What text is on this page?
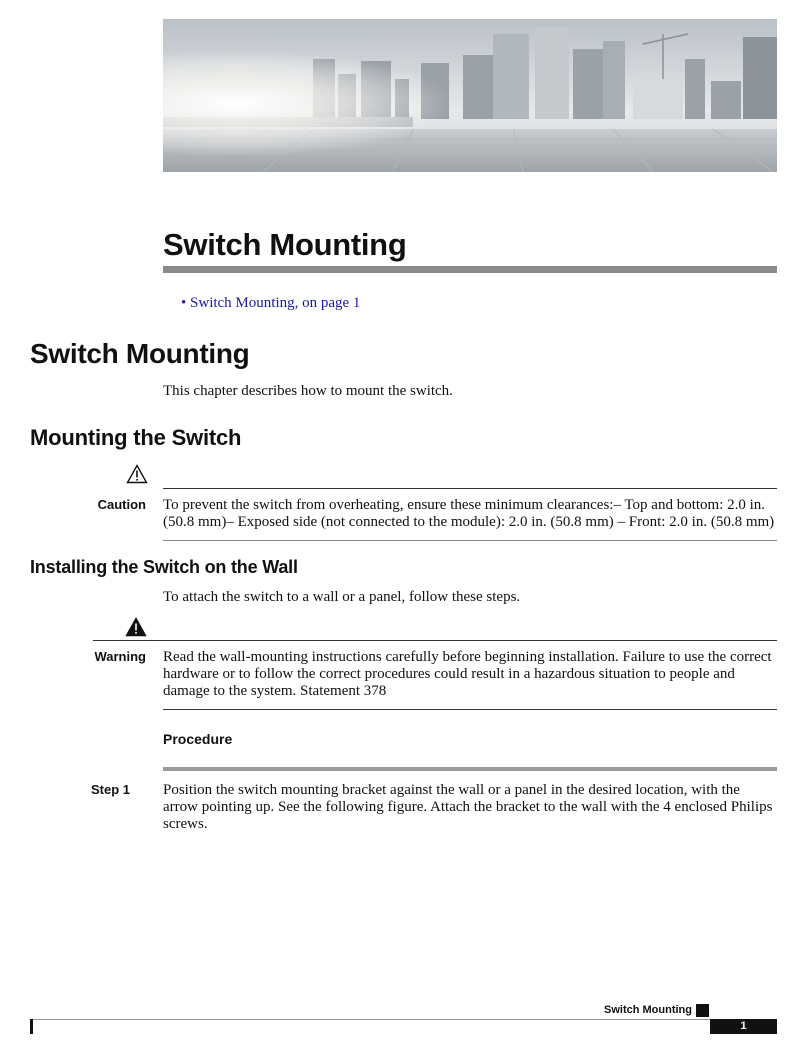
Switch Mounting
• Switch Mounting, on page 1
Switch Mounting
This chapter describes how to mount the switch.
Mounting the Switch
Caution To prevent the switch from overheating, ensure these minimum clearances:– Top and bottom: 2.0 in. (50.8 mm)– Exposed side (not connected to the module): 2.0 in. (50.8 mm) – Front: 2.0 in. (50.8 mm)
Installing the Switch on the Wall
To attach the switch to a wall or a panel, follow these steps.
Warning Read the wall-mounting instructions carefully before beginning installation. Failure to use the correct hardware or to follow the correct procedures could result in a hazardous situation to people and damage to the system. Statement 378
Procedure
Step 1 Position the switch mounting bracket against the wall or a panel in the desired location, with the arrow pointing up. See the following figure. Attach the bracket to the wall with the 4 enclosed Philips screws.
Switch Mounting
1
